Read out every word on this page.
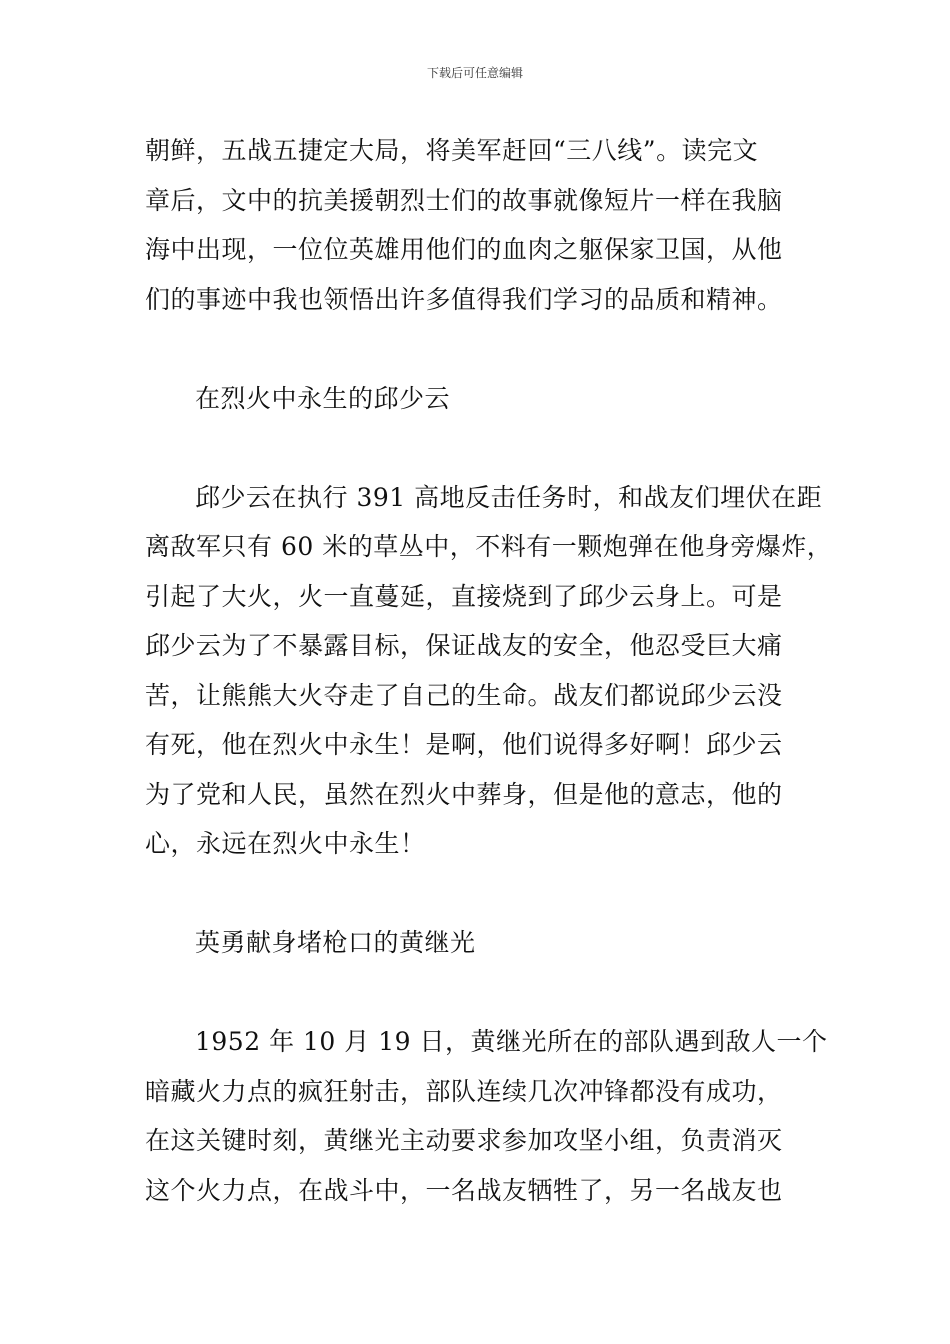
下载后可任意编辑
朝鲜，五战五捷定大局，将美军赶回“三八线”。读完文
章后，文中的抗美援朝烈士们的故事就像短片一样在我脑
海中出现，一位位英雄用他们的血肉之躯保家卫国，从他
们的事迹中我也领悟出许多值得我们学习的品质和精神。
在烈火中永生的邱少云
邱少云在执行 391 高地反击任务时，和战友们埋伏在距
离敌军只有 60 米的草丛中，不料有一颗炮弹在他身旁爆炸，
引起了大火，火一直蔓延，直接烧到了邱少云身上。可是
邱少云为了不暴露目标，保证战友的安全，他忍受巨大痛
苦，让熊熊大火夺走了自己的生命。战友们都说邱少云没
有死，他在烈火中永生！是啊，他们说得多好啊！邱少云
为了党和人民，虽然在烈火中葬身，但是他的意志，他的
心，永远在烈火中永生！
英勇献身堵枪口的黄继光
1952 年 10 月 19 日，黄继光所在的部队遇到敌人一个
暗藏火力点的疯狂射击，部队连续几次冲锋都没有成功，
在这关键时刻，黄继光主动要求参加攻坚小组，负责消灭
这个火力点，在战斗中，一名战友牺牲了，另一名战友也
